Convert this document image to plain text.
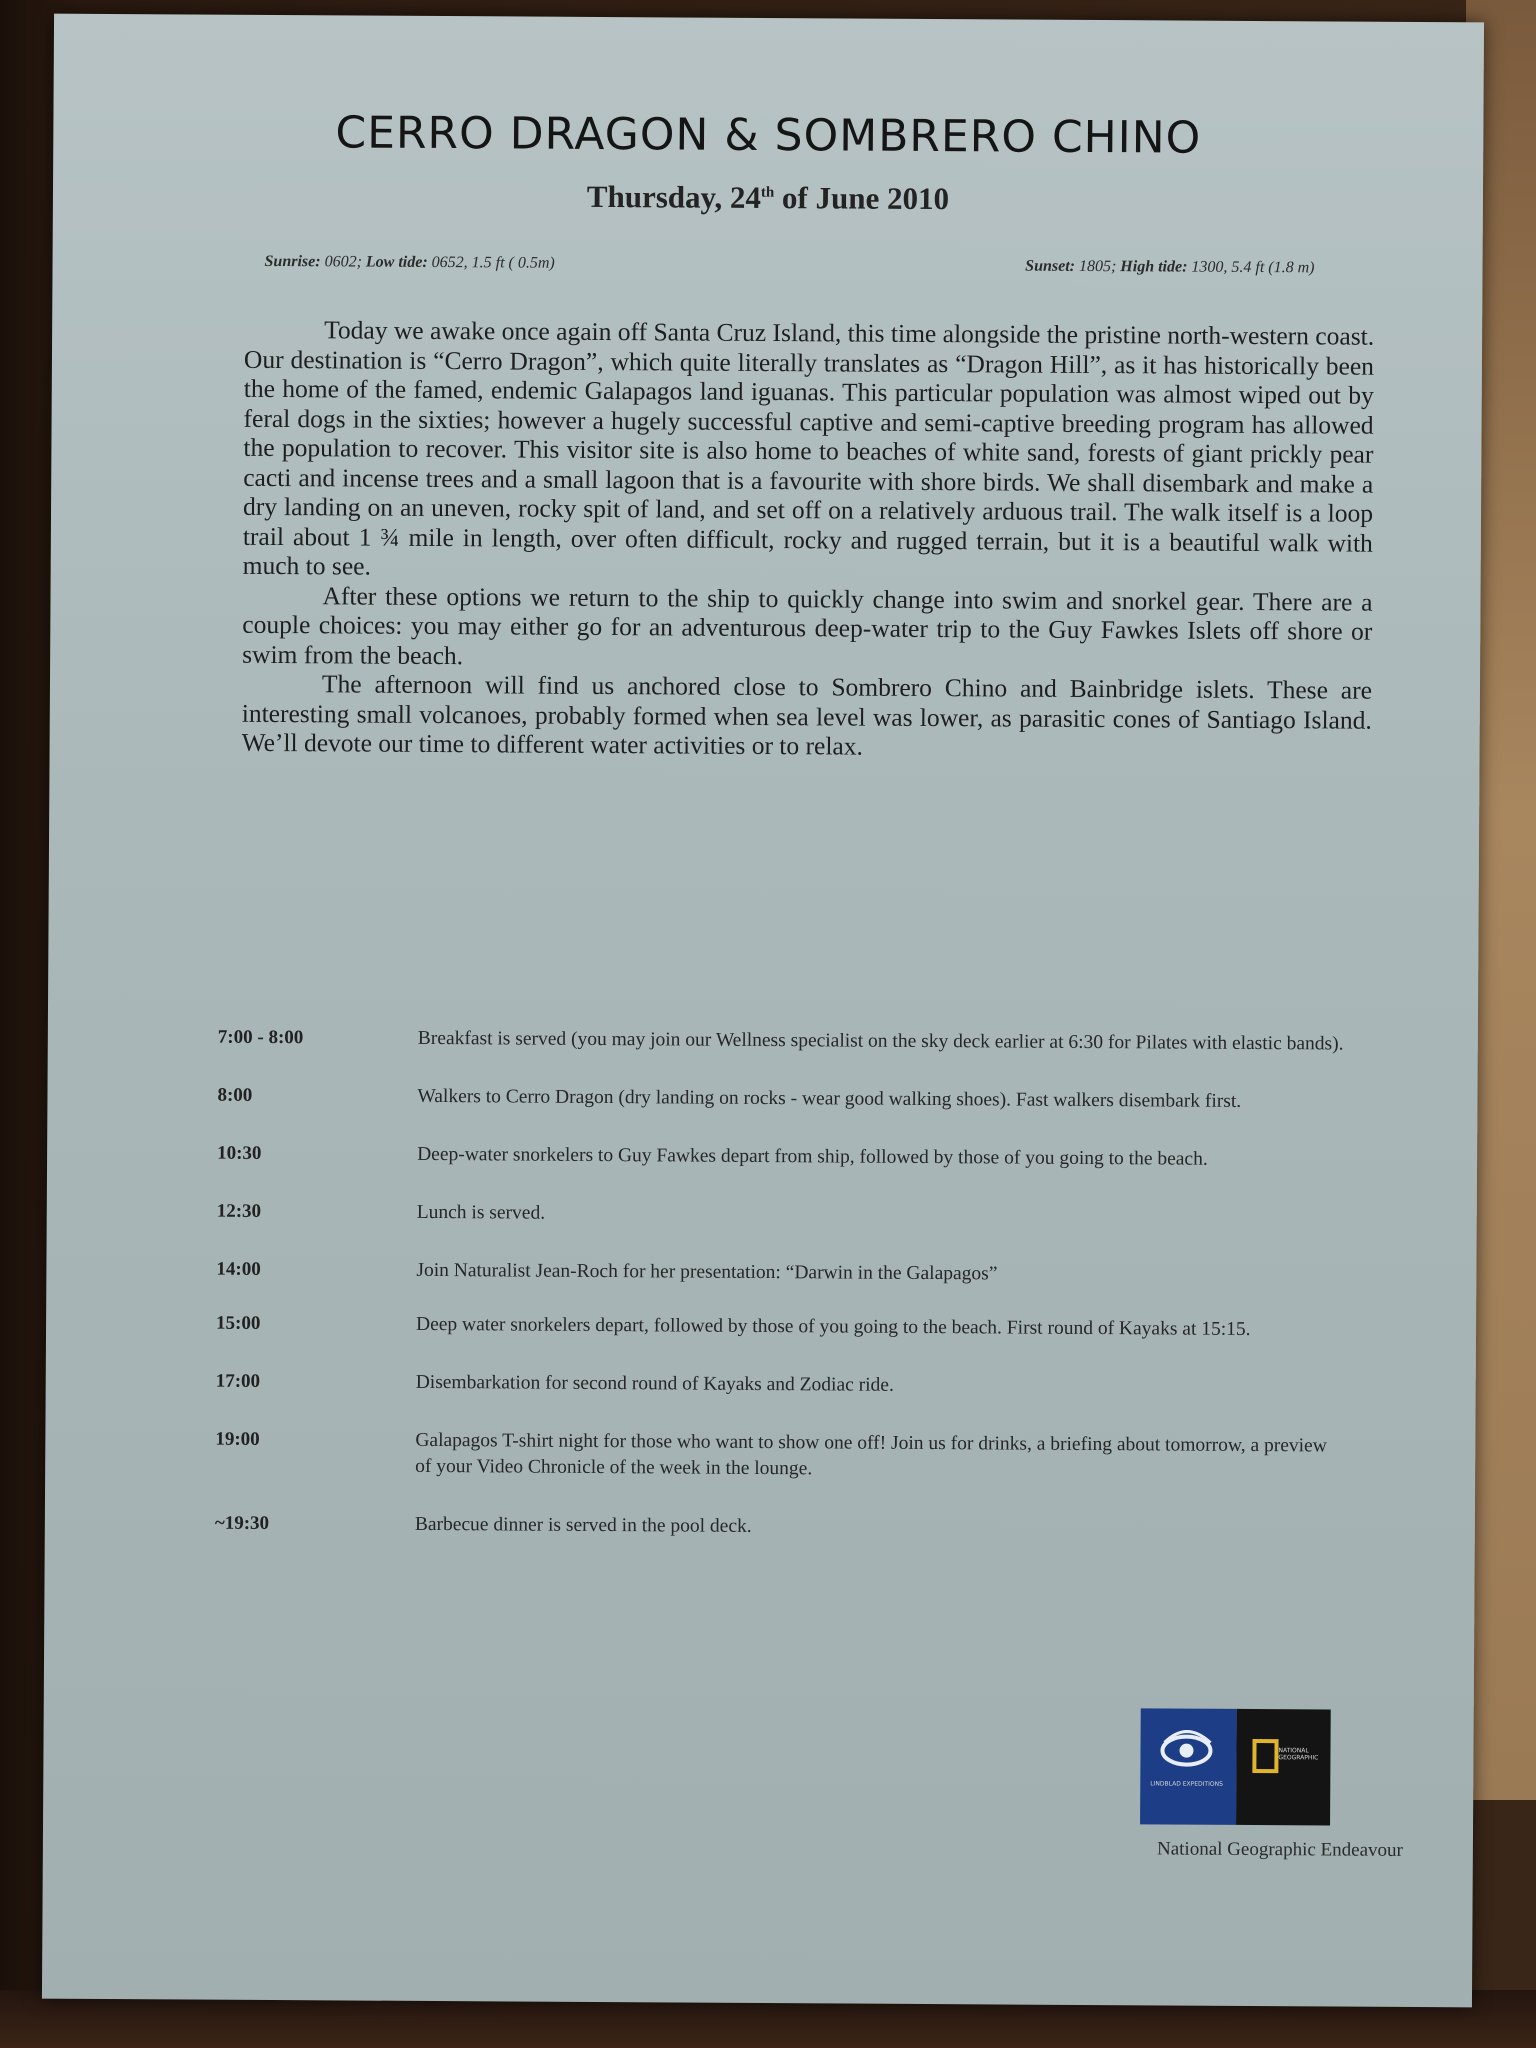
CERRO DRAGON & SOMBRERO CHINO
Thursday, 24th of June 2010
Sunrise: 0602; Low tide: 0652, 1.5 ft ( 0.5m)	Sunset: 1805; High tide: 1300, 5.4 ft (1.8 m)

Today we awake once again off Santa Cruz Island, this time alongside the pristine north-western coast. Our destination is “Cerro Dragon”, which quite literally translates as “Dragon Hill”, as it has historically been the home of the famed, endemic Galapagos land iguanas. This particular population was almost wiped out by feral dogs in the sixties; however a hugely successful captive and semi-captive breeding program has allowed the population to recover. This visitor site is also home to beaches of white sand, forests of giant prickly pear cacti and incense trees and a small lagoon that is a favourite with shore birds. We shall disembark and make a dry landing on an uneven, rocky spit of land, and set off on a relatively arduous trail. The walk itself is a loop trail about 1 ¾ mile in length, over often difficult, rocky and rugged terrain, but it is a beautiful walk with much to see.

After these options we return to the ship to quickly change into swim and snorkel gear. There are a couple choices: you may either go for an adventurous deep-water trip to the Guy Fawkes Islets off shore or swim from the beach.

The afternoon will find us anchored close to Sombrero Chino and Bainbridge islets. These are interesting small volcanoes, probably formed when sea level was lower, as parasitic cones of Santiago Island. We’ll devote our time to different water activities or to relax.

7:00 - 8:00	Breakfast is served (you may join our Wellness specialist on the sky deck earlier at 6:30 for Pilates with elastic bands).
8:00	Walkers to Cerro Dragon (dry landing on rocks - wear good walking shoes). Fast walkers disembark first.
10:30	Deep-water snorkelers to Guy Fawkes depart from ship, followed by those of you going to the beach.
12:30	Lunch is served.
14:00	Join Naturalist Jean-Roch for her presentation: “Darwin in the Galapagos”
15:00	Deep water snorkelers depart, followed by those of you going to the beach. First round of Kayaks at 15:15.
17:00	Disembarkation for second round of Kayaks and Zodiac ride.
19:00	Galapagos T-shirt night for those who want to show one off! Join us for drinks, a briefing about tomorrow, a preview of your Video Chronicle of the week in the lounge.
~19:30	Barbecue dinner is served in the pool deck.
LINDBLAD EXPEDITIONS
NATIONAL GEOGRAPHIC
National Geographic Endeavour
